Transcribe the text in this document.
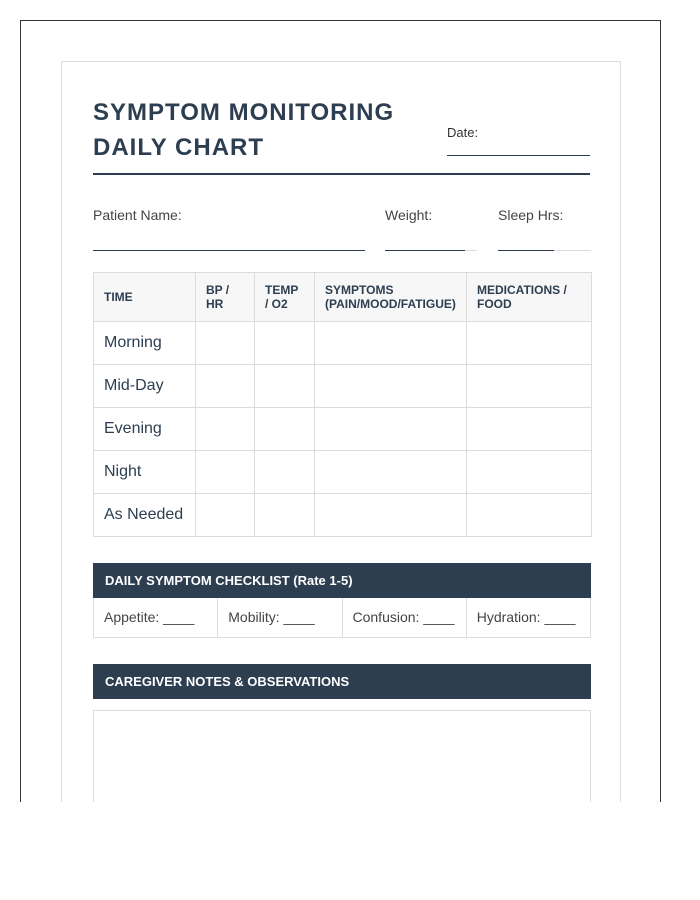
SYMPTOM MONITORING
DAILY CHART
Date:
Patient Name:	Weight:	Sleep Hrs:
TIME	BP / HR	TEMP / O2	SYMPTOMS (PAIN/MOOD/FATIGUE)	MEDICATIONS / FOOD
Morning				
Mid-Day				
Evening				
Night				
As Needed				
DAILY SYMPTOM CHECKLIST (Rate 1-5)
Appetite: ____	Mobility: ____	Confusion: ____	Hydration: ____
CAREGIVER NOTES & OBSERVATIONS
